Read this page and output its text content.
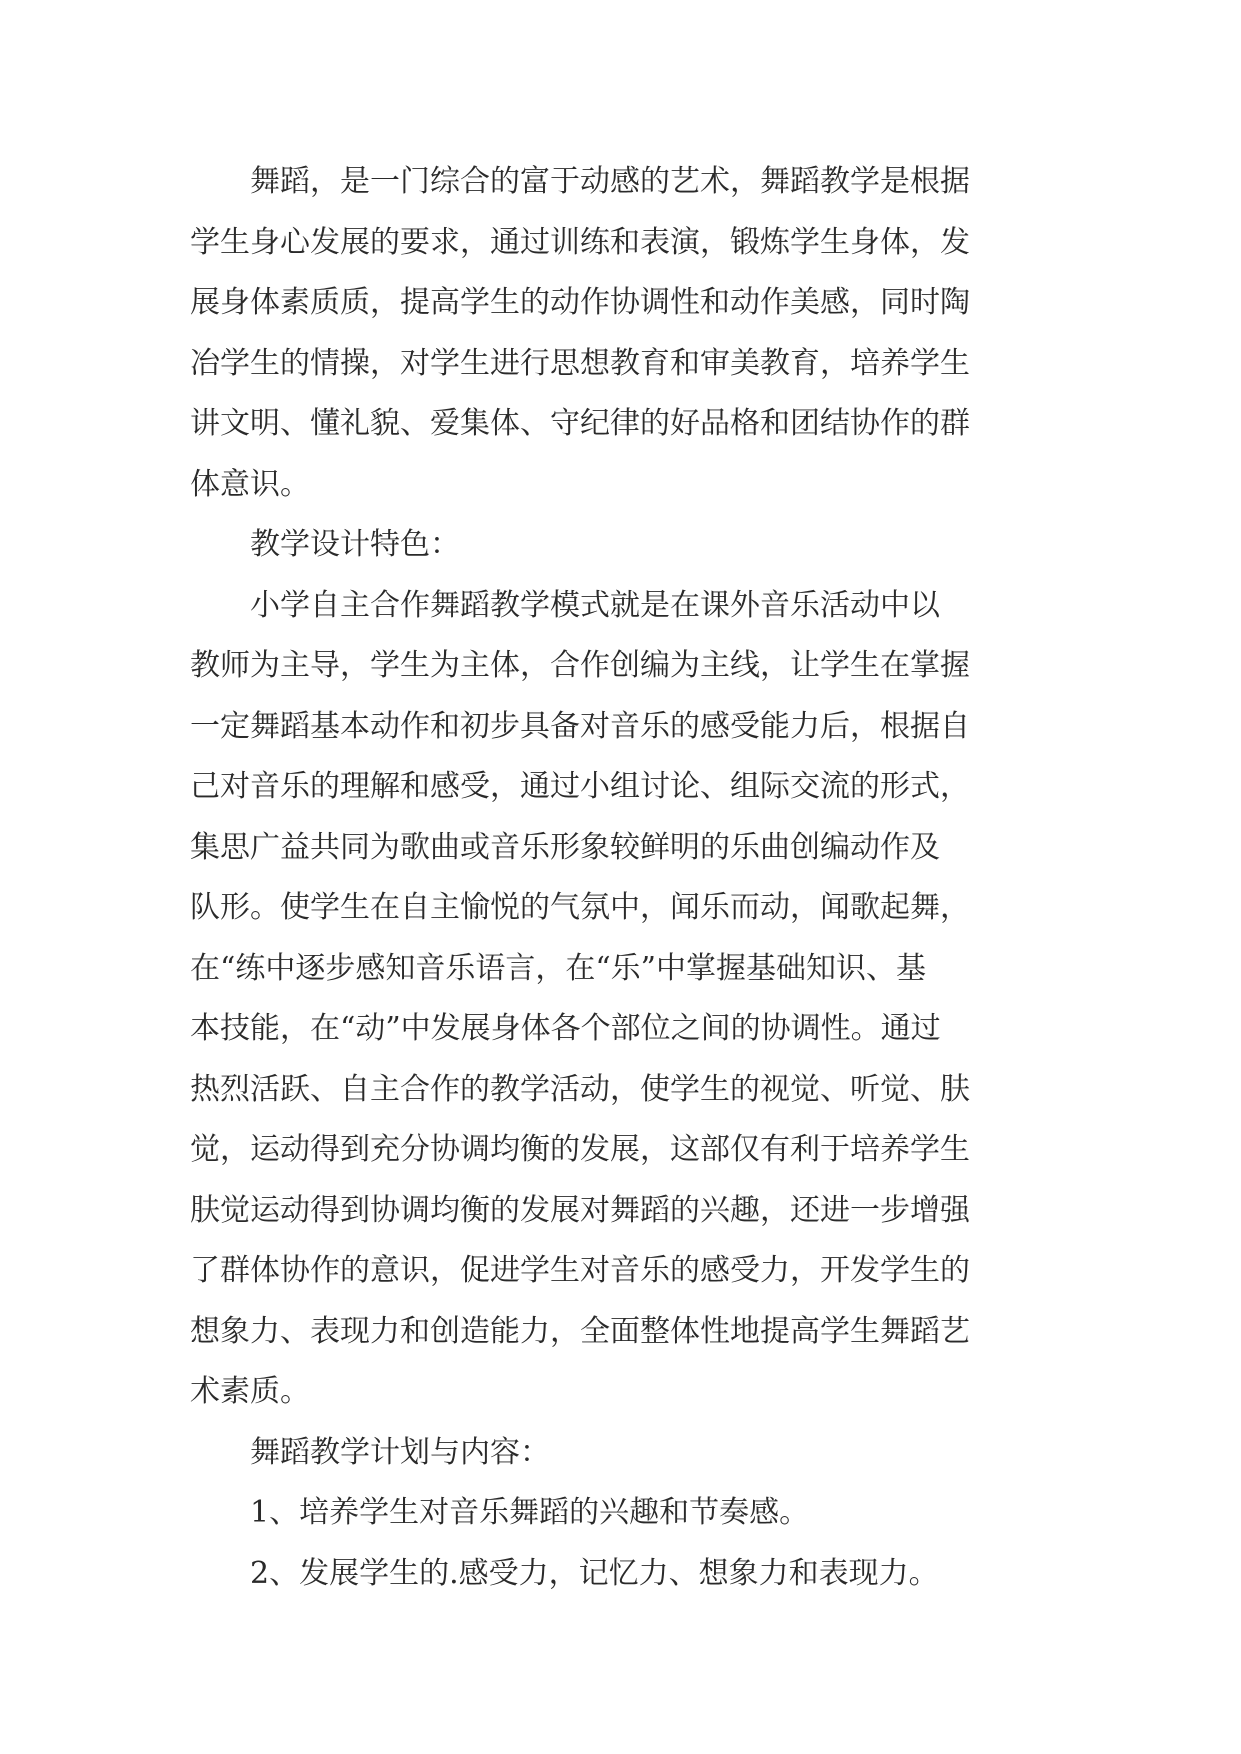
舞蹈，是一门综合的富于动感的艺术，舞蹈教学是根据
学生身心发展的要求，通过训练和表演，锻炼学生身体，发
展身体素质质，提高学生的动作协调性和动作美感，同时陶
冶学生的情操，对学生进行思想教育和审美教育，培养学生
讲文明、懂礼貌、爱集体、守纪律的好品格和团结协作的群
体意识。

教学设计特色：

小学自主合作舞蹈教学模式就是在课外音乐活动中以
教师为主导，学生为主体，合作创编为主线，让学生在掌握
一定舞蹈基本动作和初步具备对音乐的感受能力后，根据自
己对音乐的理解和感受，通过小组讨论、组际交流的形式，
集思广益共同为歌曲或音乐形象较鲜明的乐曲创编动作及
队形。使学生在自主愉悦的气氛中，闻乐而动，闻歌起舞，
在“练中逐步感知音乐语言，在“乐”中掌握基础知识、基
本技能，在“动”中发展身体各个部位之间的协调性。通过
热烈活跃、自主合作的教学活动，使学生的视觉、听觉、肤
觉，运动得到充分协调均衡的发展，这部仅有利于培养学生
肤觉运动得到协调均衡的发展对舞蹈的兴趣，还进一步增强
了群体协作的意识，促进学生对音乐的感受力，开发学生的
想象力、表现力和创造能力，全面整体性地提高学生舞蹈艺
术素质。

舞蹈教学计划与内容：

1、培养学生对音乐舞蹈的兴趣和节奏感。

2、发展学生的.感受力，记忆力、想象力和表现力。
